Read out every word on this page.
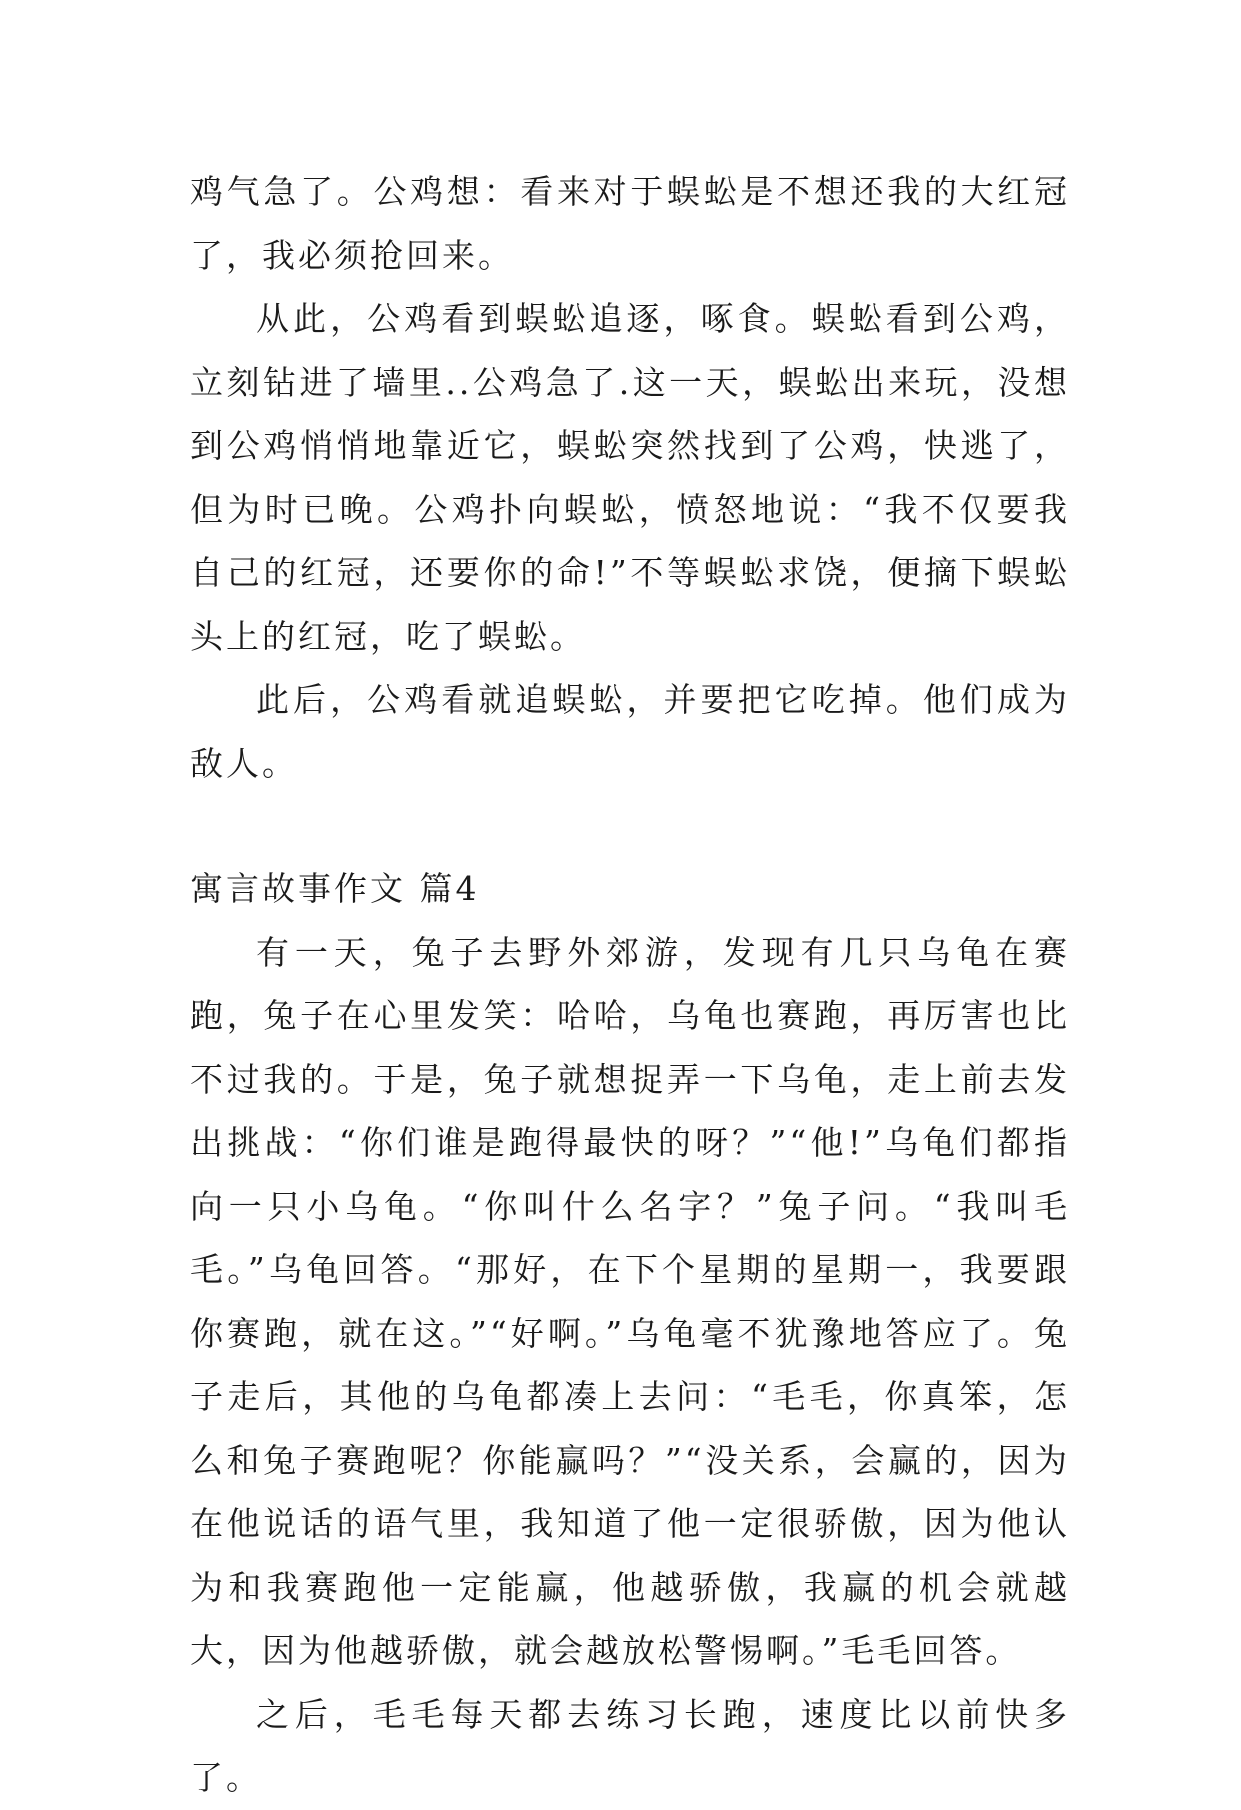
鸡气急了。公鸡想：看来对于蜈蚣是不想还我的大红冠了，我必须抢回来。

从此，公鸡看到蜈蚣追逐，啄食。蜈蚣看到公鸡，立刻钻进了墙里..公鸡急了.这一天，蜈蚣出来玩，没想到公鸡悄悄地靠近它，蜈蚣突然找到了公鸡，快逃了，但为时已晚。公鸡扑向蜈蚣，愤怒地说：“我不仅要我自己的红冠，还要你的命!”不等蜈蚣求饶，便摘下蜈蚣头上的红冠，吃了蜈蚣。

此后，公鸡看就追蜈蚣，并要把它吃掉。他们成为敌人。

寓言故事作文 篇4

有一天，兔子去野外郊游，发现有几只乌龟在赛跑，兔子在心里发笑：哈哈，乌龟也赛跑，再厉害也比不过我的。于是，兔子就想捉弄一下乌龟，走上前去发出挑战：“你们谁是跑得最快的呀？”“他!”乌龟们都指向一只小乌龟。“你叫什么名字？”兔子问。“我叫毛毛。”乌龟回答。“那好，在下个星期的星期一，我要跟你赛跑，就在这。”“好啊。”乌龟毫不犹豫地答应了。兔子走后，其他的乌龟都凑上去问：“毛毛，你真笨，怎么和兔子赛跑呢？你能赢吗？”“没关系，会赢的，因为在他说话的语气里，我知道了他一定很骄傲，因为他认为和我赛跑他一定能赢，他越骄傲，我赢的机会就越大，因为他越骄傲，就会越放松警惕啊。”毛毛回答。

之后，毛毛每天都去练习长跑，速度比以前快多了。
